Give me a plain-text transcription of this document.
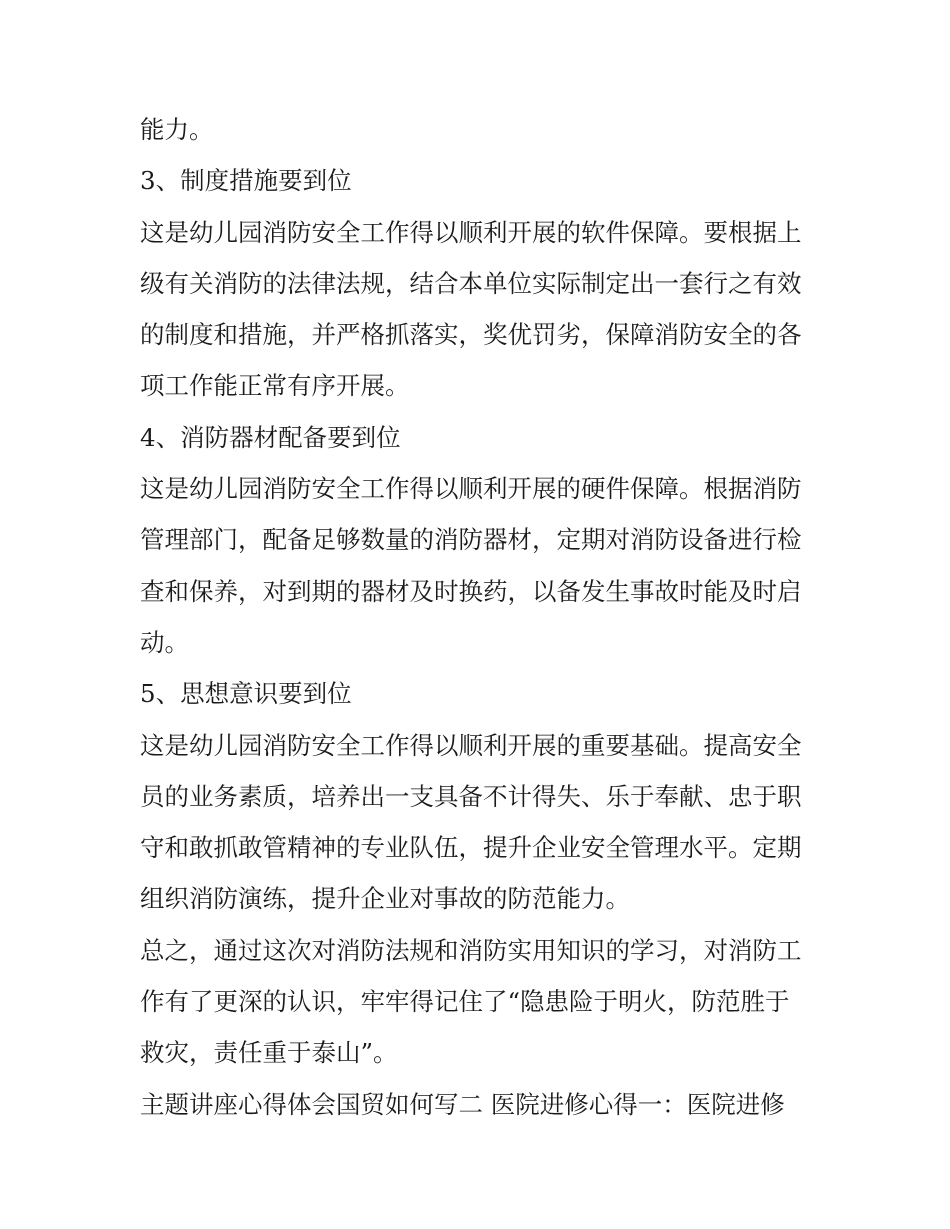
能力。
3、制度措施要到位
这是幼儿园消防安全工作得以顺利开展的软件保障。要根据上
级有关消防的法律法规，结合本单位实际制定出一套行之有效
的制度和措施，并严格抓落实，奖优罚劣，保障消防安全的各
项工作能正常有序开展。
4、消防器材配备要到位
这是幼儿园消防安全工作得以顺利开展的硬件保障。根据消防
管理部门，配备足够数量的消防器材，定期对消防设备进行检
查和保养，对到期的器材及时换药，以备发生事故时能及时启
动。
5、思想意识要到位
这是幼儿园消防安全工作得以顺利开展的重要基础。提高安全
员的业务素质，培养出一支具备不计得失、乐于奉献、忠于职
守和敢抓敢管精神的专业队伍，提升企业安全管理水平。定期
组织消防演练，提升企业对事故的防范能力。
总之，通过这次对消防法规和消防实用知识的学习，对消防工
作有了更深的认识，牢牢得记住了“隐患险于明火，防范胜于
救灾，责任重于泰山”。
主题讲座心得体会国贸如何写二 医院进修心得一：医院进修
